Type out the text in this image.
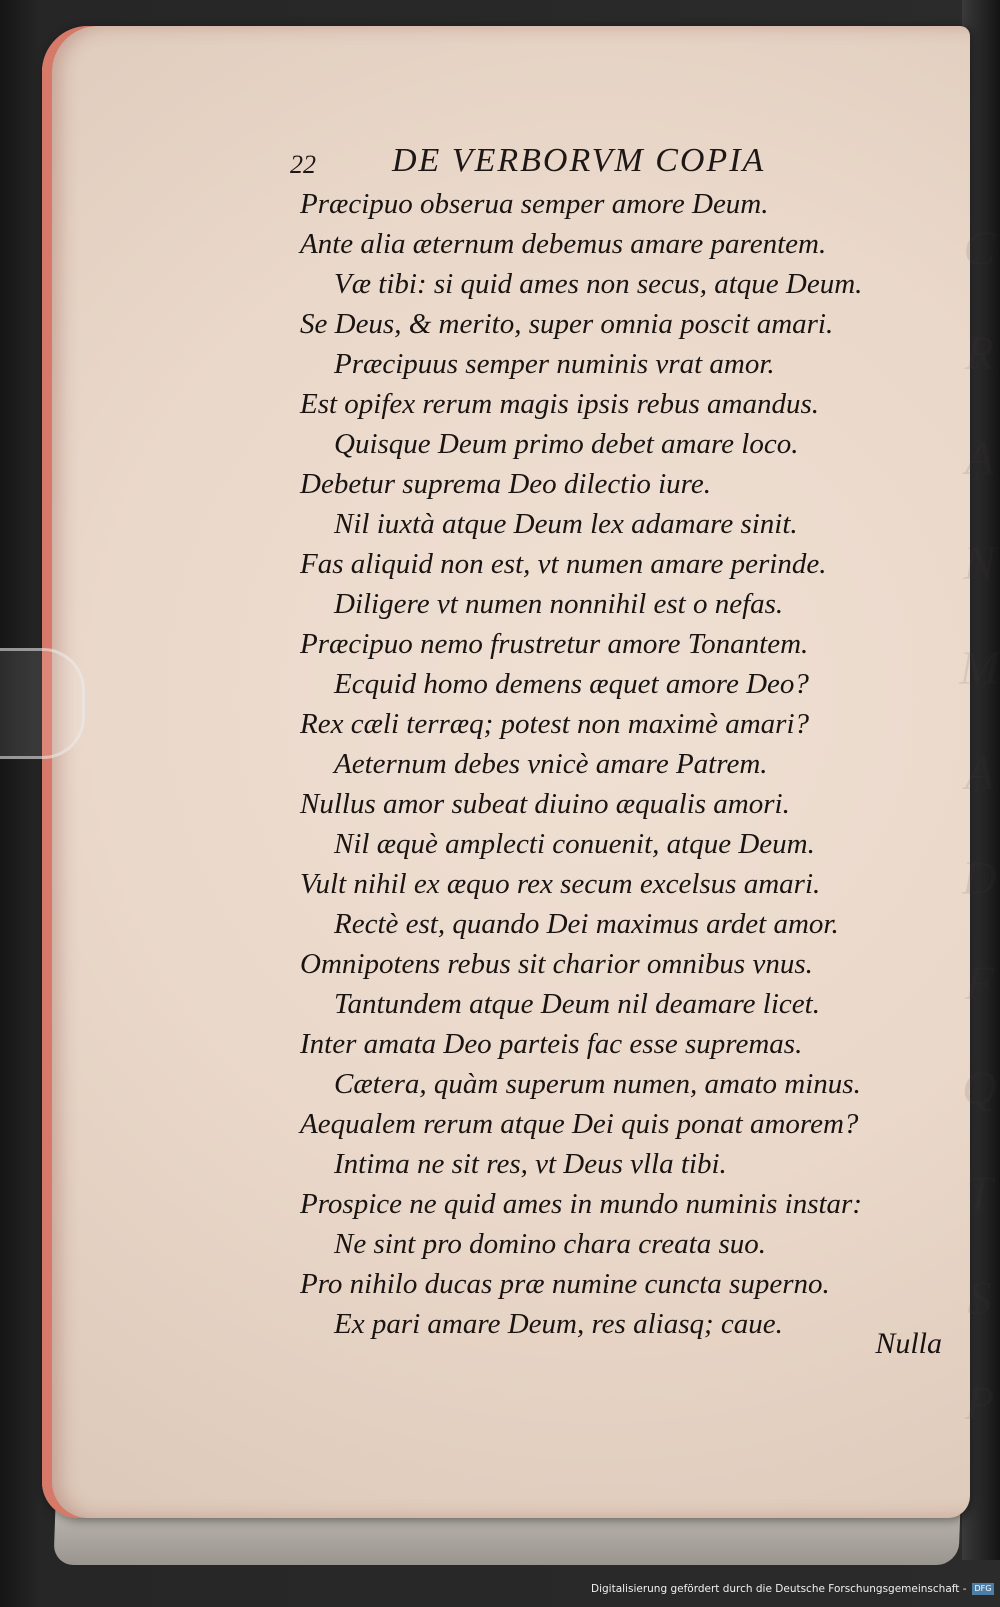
C R A N M A D F Q T S P
22 DE VERBORVM COPIA
Præcipuo obserua semper amore Deum.
Ante alia æternum debemus amare parentem.
Væ tibi: si quid ames non secus, atque Deum.
Se Deus, & merito, super omnia poscit amari.
Præcipuus semper numinis vrat amor.
Est opifex rerum magis ipsis rebus amandus.
Quisque Deum primo debet amare loco.
Debetur suprema Deo dilectio iure.
Nil iuxtà atque Deum lex adamare sinit.
Fas aliquid non est, vt numen amare perinde.
Diligere vt numen nonnihil est o nefas.
Præcipuo nemo frustretur amore Tonantem.
Ecquid homo demens æquet amore Deo?
Rex cæli terræq; potest non maximè amari?
Aeternum debes vnicè amare Patrem.
Nullus amor subeat diuino æqualis amori.
Nil æquè amplecti conuenit, atque Deum.
Vult nihil ex æquo rex secum excelsus amari.
Rectè est, quando Dei maximus ardet amor.
Omnipotens rebus sit charior omnibus vnus.
Tantundem atque Deum nil deamare licet.
Inter amata Deo parteis fac esse supremas.
Cætera, quàm superum numen, amato minus.
Aequalem rerum atque Dei quis ponat amorem?
Intima ne sit res, vt Deus vlla tibi.
Prospice ne quid ames in mundo numinis instar:
Ne sint pro domino chara creata suo.
Pro nihilo ducas præ numine cuncta superno.
Ex pari amare Deum, res aliasq; caue.
Nulla
Digitalisierung gefördert durch die Deutsche Forschungsgemeinschaft - DFG
